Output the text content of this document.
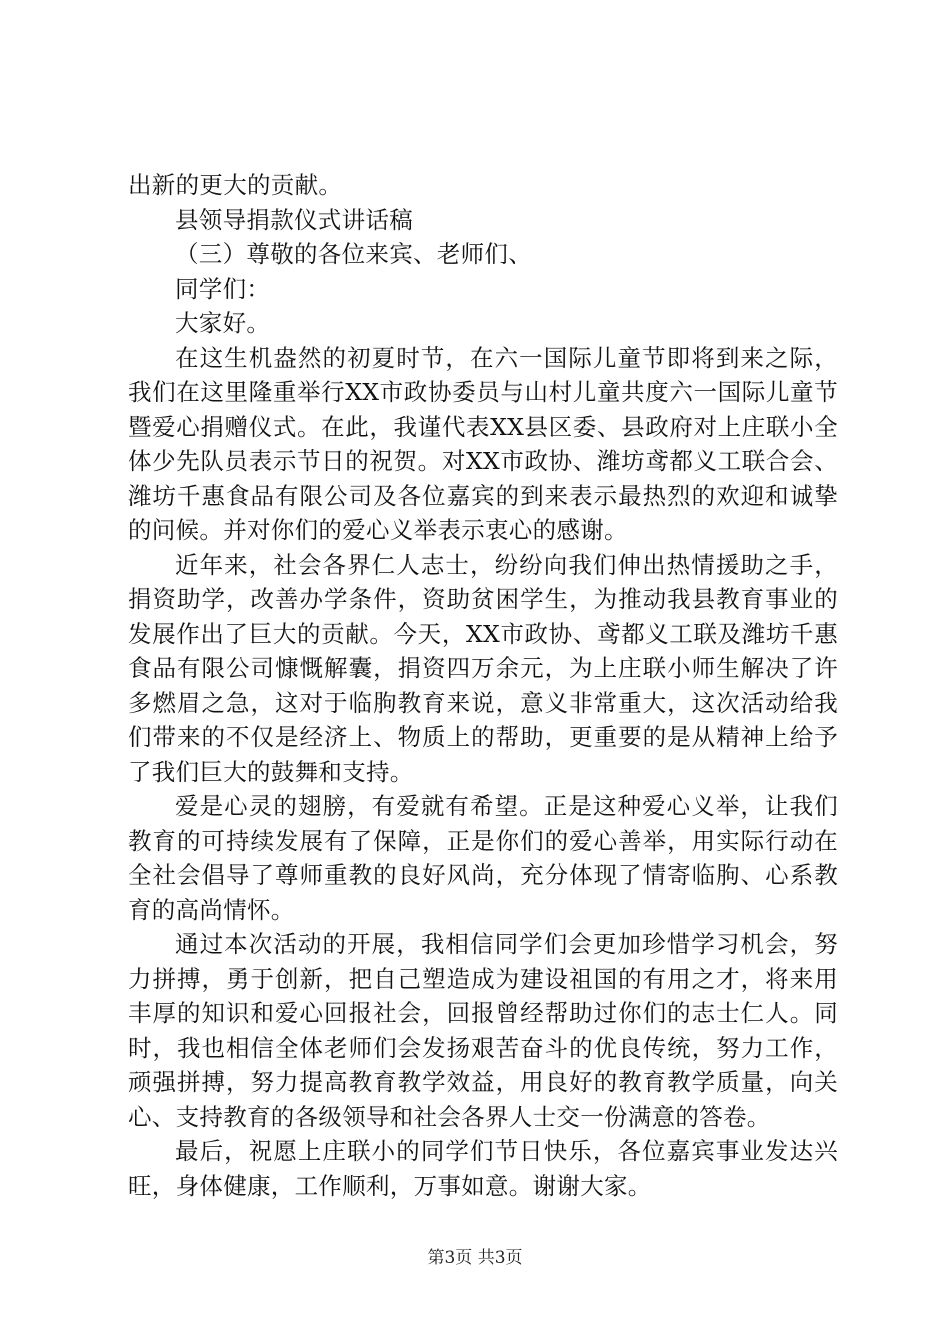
出新的更大的贡献。

县领导捐款仪式讲话稿

（三）尊敬的各位来宾、老师们、

同学们：

大家好。

在这生机盎然的初夏时节，在六一国际儿童节即将到来之际，我们在这里隆重举行XX市政协委员与山村儿童共度六一国际儿童节暨爱心捐赠仪式。在此，我谨代表XX县区委、县政府对上庄联小全体少先队员表示节日的祝贺。对XX市政协、潍坊鸢都义工联合会、潍坊千惠食品有限公司及各位嘉宾的到来表示最热烈的欢迎和诚挚的问候。并对你们的爱心义举表示衷心的感谢。

近年来，社会各界仁人志士，纷纷向我们伸出热情援助之手，捐资助学，改善办学条件，资助贫困学生，为推动我县教育事业的发展作出了巨大的贡献。今天，XX市政协、鸢都义工联及潍坊千惠食品有限公司慷慨解囊，捐资四万余元，为上庄联小师生解决了许多燃眉之急，这对于临朐教育来说，意义非常重大，这次活动给我们带来的不仅是经济上、物质上的帮助，更重要的是从精神上给予了我们巨大的鼓舞和支持。

爱是心灵的翅膀，有爱就有希望。正是这种爱心义举，让我们教育的可持续发展有了保障，正是你们的爱心善举，用实际行动在全社会倡导了尊师重教的良好风尚，充分体现了情寄临朐、心系教育的高尚情怀。

通过本次活动的开展，我相信同学们会更加珍惜学习机会，努力拼搏，勇于创新，把自己塑造成为建设祖国的有用之才，将来用丰厚的知识和爱心回报社会，回报曾经帮助过你们的志士仁人。同时，我也相信全体老师们会发扬艰苦奋斗的优良传统，努力工作，顽强拼搏，努力提高教育教学效益，用良好的教育教学质量，向关心、支持教育的各级领导和社会各界人士交一份满意的答卷。

最后，祝愿上庄联小的同学们节日快乐，各位嘉宾事业发达兴旺，身体健康，工作顺利，万事如意。谢谢大家。

第3页 共3页
